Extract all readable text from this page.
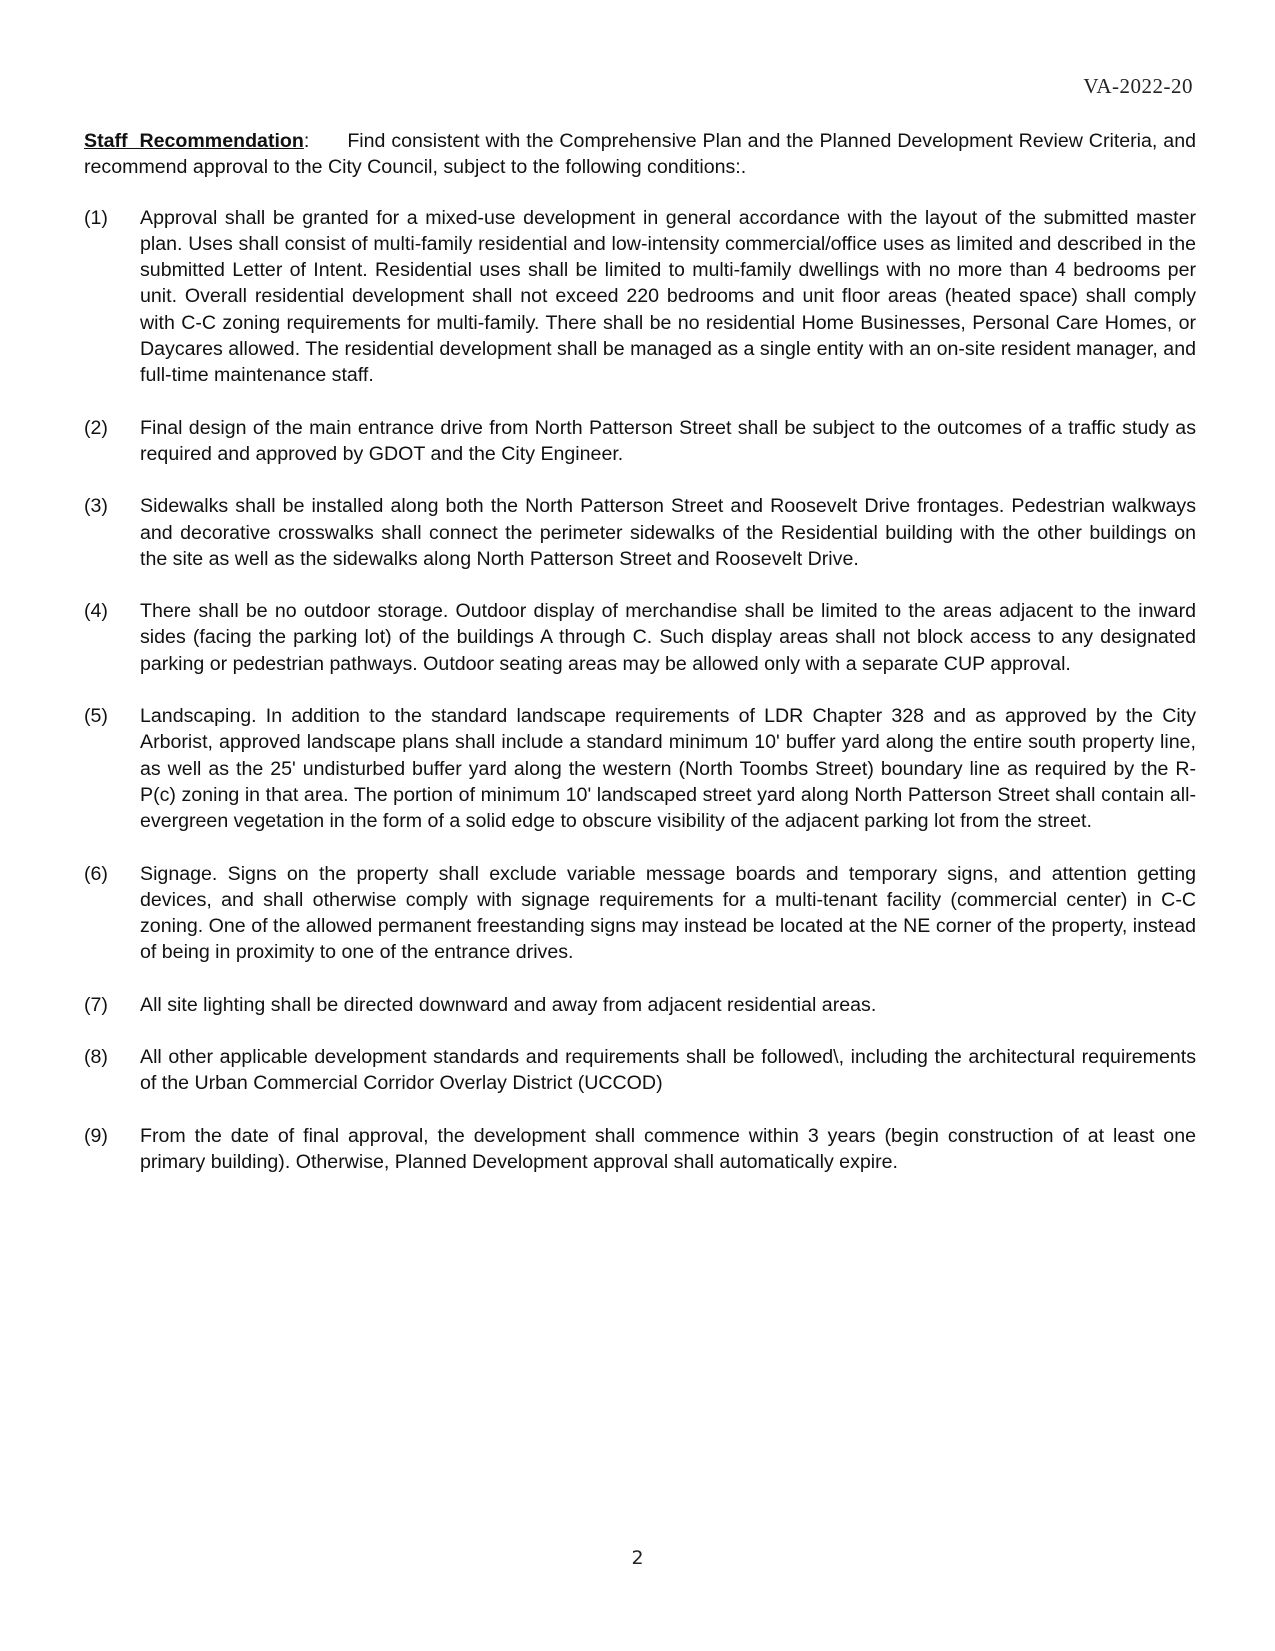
VA-2022-20

Staff Recommendation: Find consistent with the Comprehensive Plan and the Planned Development Review Criteria, and recommend approval to the City Council, subject to the following conditions:.

(1) Approval shall be granted for a mixed-use development in general accordance with the layout of the submitted master plan. Uses shall consist of multi-family residential and low-intensity commercial/office uses as limited and described in the submitted Letter of Intent. Residential uses shall be limited to multi-family dwellings with no more than 4 bedrooms per unit. Overall residential development shall not exceed 220 bedrooms and unit floor areas (heated space) shall comply with C-C zoning requirements for multi-family. There shall be no residential Home Businesses, Personal Care Homes, or Daycares allowed. The residential development shall be managed as a single entity with an on-site resident manager, and full-time maintenance staff.
(2) Final design of the main entrance drive from North Patterson Street shall be subject to the outcomes of a traffic study as required and approved by GDOT and the City Engineer.
(3) Sidewalks shall be installed along both the North Patterson Street and Roosevelt Drive frontages. Pedestrian walkways and decorative crosswalks shall connect the perimeter sidewalks of the Residential building with the other buildings on the site as well as the sidewalks along North Patterson Street and Roosevelt Drive.
(4) There shall be no outdoor storage. Outdoor display of merchandise shall be limited to the areas adjacent to the inward sides (facing the parking lot) of the buildings A through C. Such display areas shall not block access to any designated parking or pedestrian pathways. Outdoor seating areas may be allowed only with a separate CUP approval.
(5) Landscaping. In addition to the standard landscape requirements of LDR Chapter 328 and as approved by the City Arborist, approved landscape plans shall include a standard minimum 10' buffer yard along the entire south property line, as well as the 25' undisturbed buffer yard along the western (North Toombs Street) boundary line as required by the R-P(c) zoning in that area. The portion of minimum 10' landscaped street yard along North Patterson Street shall contain all-evergreen vegetation in the form of a solid edge to obscure visibility of the adjacent parking lot from the street.
(6) Signage. Signs on the property shall exclude variable message boards and temporary signs, and attention getting devices, and shall otherwise comply with signage requirements for a multi-tenant facility (commercial center) in C-C zoning. One of the allowed permanent freestanding signs may instead be located at the NE corner of the property, instead of being in proximity to one of the entrance drives.
(7) All site lighting shall be directed downward and away from adjacent residential areas.
(8) All other applicable development standards and requirements shall be followed\, including the architectural requirements of the Urban Commercial Corridor Overlay District (UCCOD)
(9) From the date of final approval, the development shall commence within 3 years (begin construction of at least one primary building). Otherwise, Planned Development approval shall automatically expire.
2
